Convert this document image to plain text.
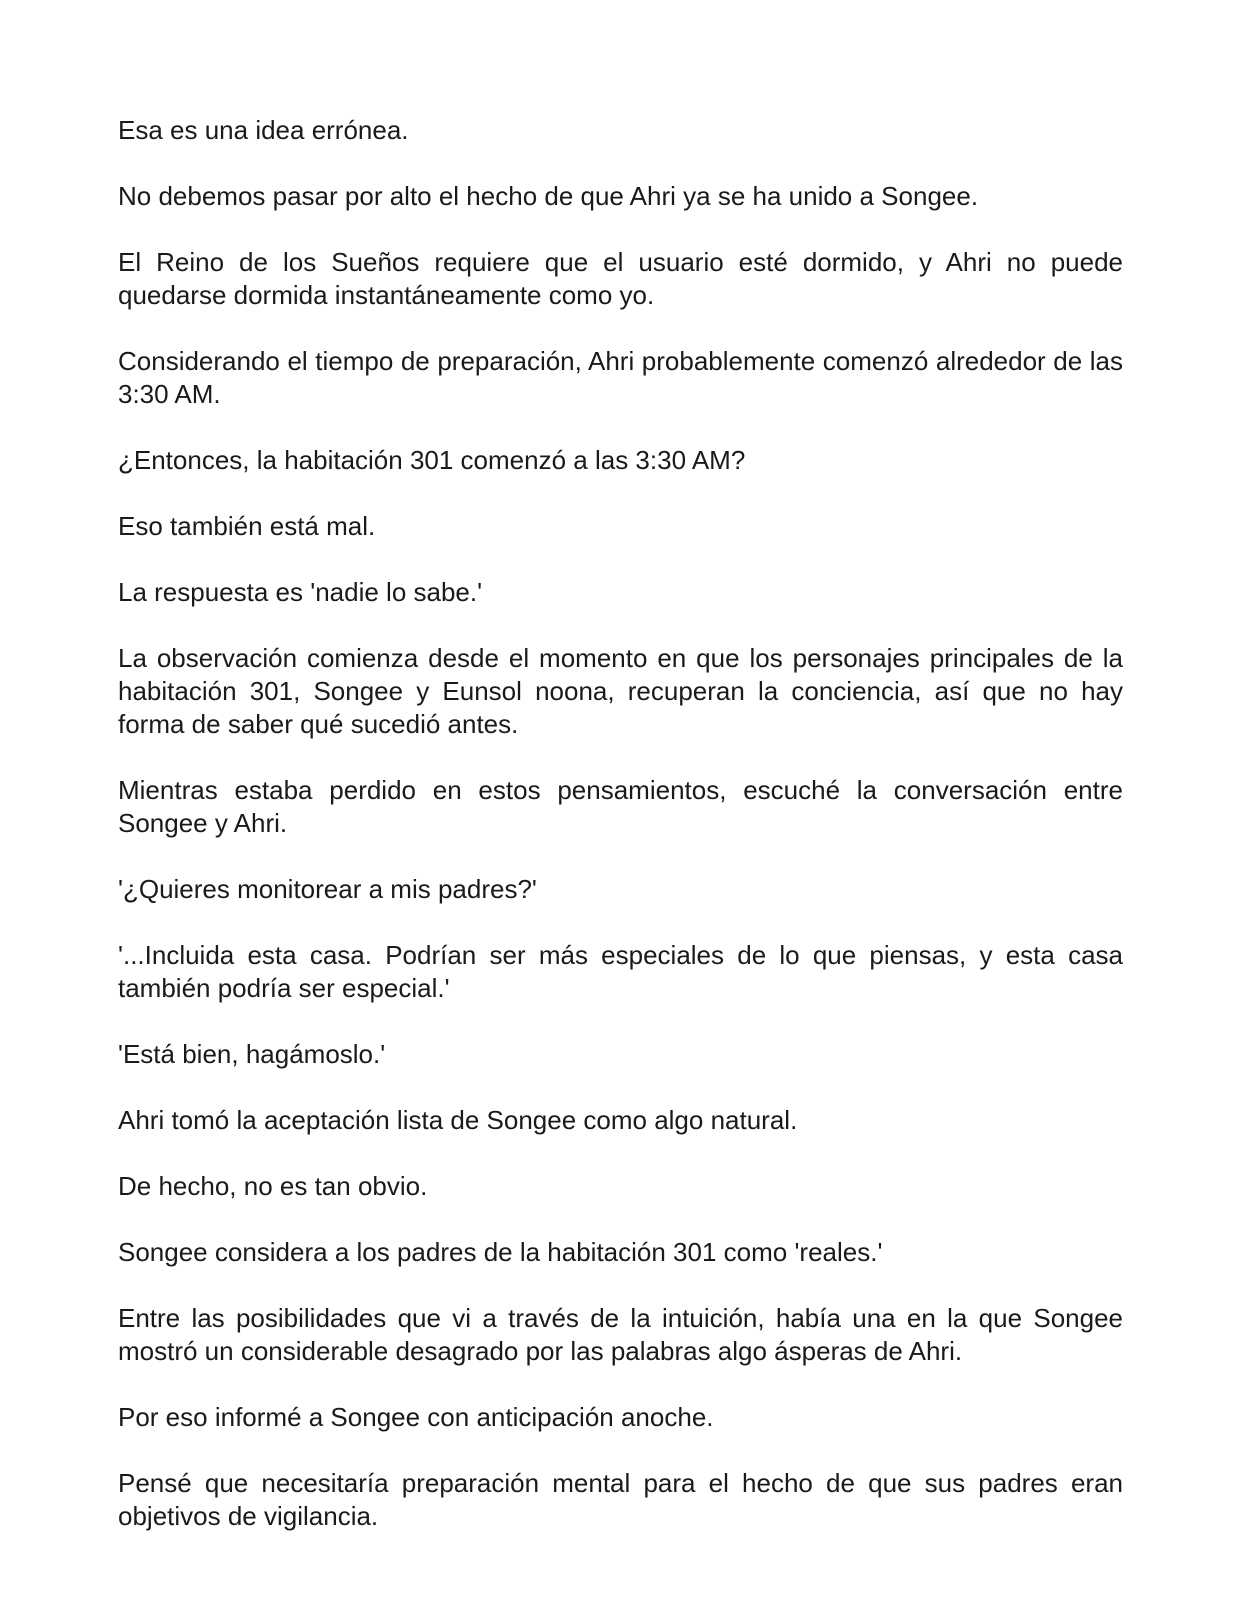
Esa es una idea errónea.

No debemos pasar por alto el hecho de que Ahri ya se ha unido a Songee.

El Reino de los Sueños requiere que el usuario esté dormido, y Ahri no puede quedarse dormida instantáneamente como yo.

Considerando el tiempo de preparación, Ahri probablemente comenzó alrededor de las 3:30 AM.

¿Entonces, la habitación 301 comenzó a las 3:30 AM?

Eso también está mal.

La respuesta es 'nadie lo sabe.'

La observación comienza desde el momento en que los personajes principales de la habitación 301, Songee y Eunsol noona, recuperan la conciencia, así que no hay forma de saber qué sucedió antes.

Mientras estaba perdido en estos pensamientos, escuché la conversación entre Songee y Ahri.

'¿Quieres monitorear a mis padres?'

'...Incluida esta casa. Podrían ser más especiales de lo que piensas, y esta casa también podría ser especial.'

'Está bien, hagámoslo.'

Ahri tomó la aceptación lista de Songee como algo natural.

De hecho, no es tan obvio.

Songee considera a los padres de la habitación 301 como 'reales.'

Entre las posibilidades que vi a través de la intuición, había una en la que Songee mostró un considerable desagrado por las palabras algo ásperas de Ahri.

Por eso informé a Songee con anticipación anoche.

Pensé que necesitaría preparación mental para el hecho de que sus padres eran objetivos de vigilancia.
